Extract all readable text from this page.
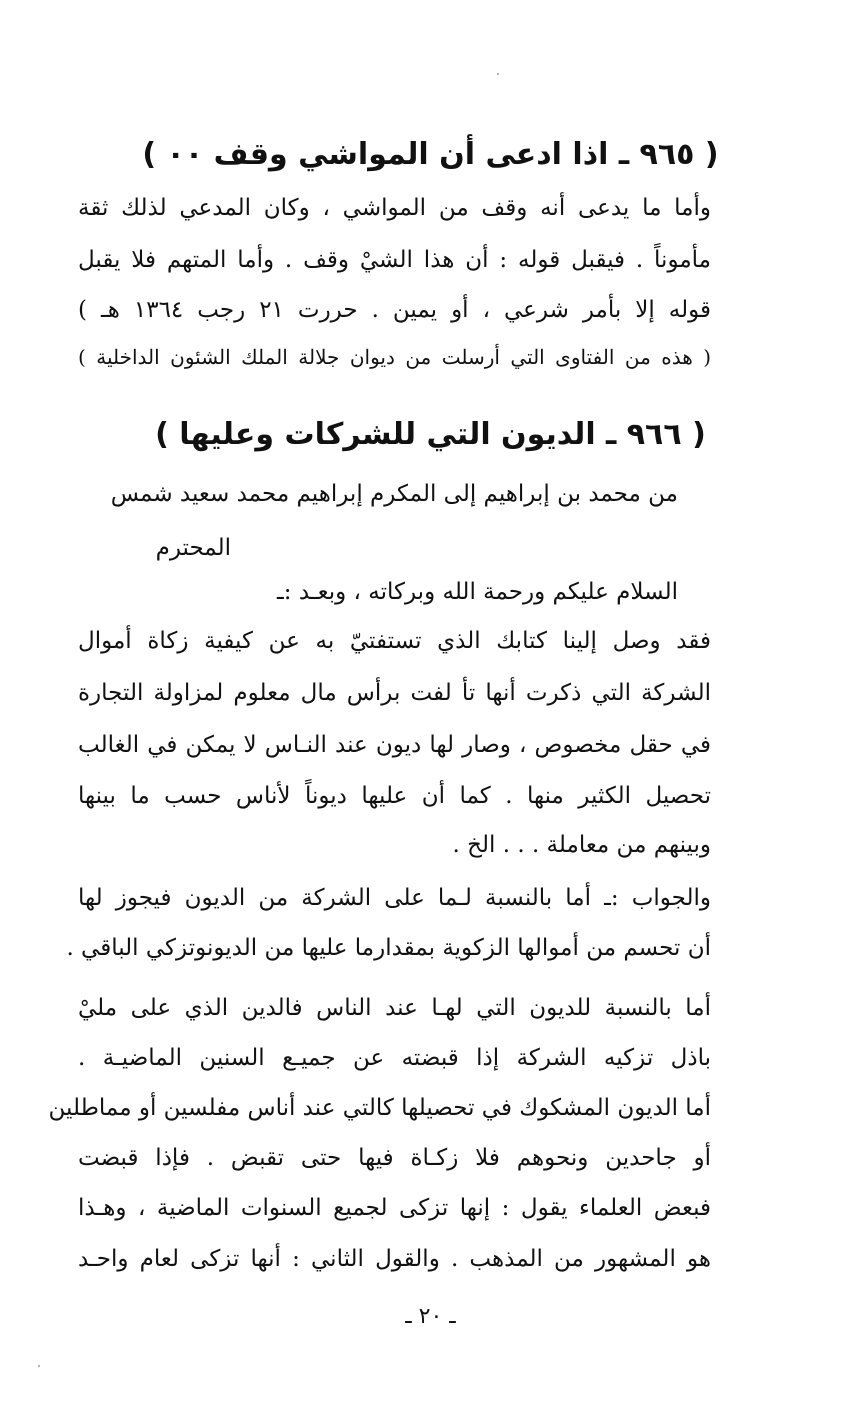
( ٩٦٥ ـ اذا ادعى أن المواشي وقف ٠٠ )
وأما ما يدعى أنه وقف من المواشي ، وكان المدعي لذلك ثقة
مأموناً . فيقبل قوله : أن هذا الشيْ وقف . وأما المتهم فلا يقبل
قوله إلا بأمر شرعي ، أو يمين . حررت ٢١ رجب ١٣٦٤ هـ )
( هذه من الفتاوى التي أرسلت من ديوان جلالة الملك الشئون الداخلية )
( ٩٦٦ ـ الديون التي للشركات وعليها )
من محمد بن إبراهيم إلى المكرم إبراهيم محمد سعيد شمس
المحترم
السلام عليكم ورحمة الله وبركاته ، وبعـد :ـ
فقد وصل إلينا كتابك الذي تستفتيّ به عن كيفية زكاة أموال
الشركة التي ذكرت أنها تأ لفت برأس مال معلوم لمزاولة التجارة
في حقل مخصوص ، وصار لها ديون عند النـاس لا يمكن في الغالب
تحصيل الكثير منها . كما أن عليها ديوناً لأناس حسب ما بينها
وبينهم من معاملة . . . الخ .
والجواب :ـ أما بالنسبة لـما على الشركة من الديون فيجوز لها
أن تحسم من أموالها الزكوية بمقدارما عليها من الديونوتزكي الباقي .
أما بالنسبة للديون التي لهـا عند الناس فالدين الذي على مليْ
باذل تزكيه الشركة إذا قبضته عن جميـع السنين الماضيـة .
أما الديون المشكوك في تحصيلها كالتي عند أناس مفلسين أو مماطلين
أو جاحدين ونحوهم فلا زكـاة فيها حتى تقبض . فإذا قبضت
فبعض العلماء يقول : إنها تزكى لجميع السنوات الماضية ، وهـذا
هو المشهور من المذهب . والقول الثاني : أنها تزكى لعام واحـد
ـ ٢٠ ـ
